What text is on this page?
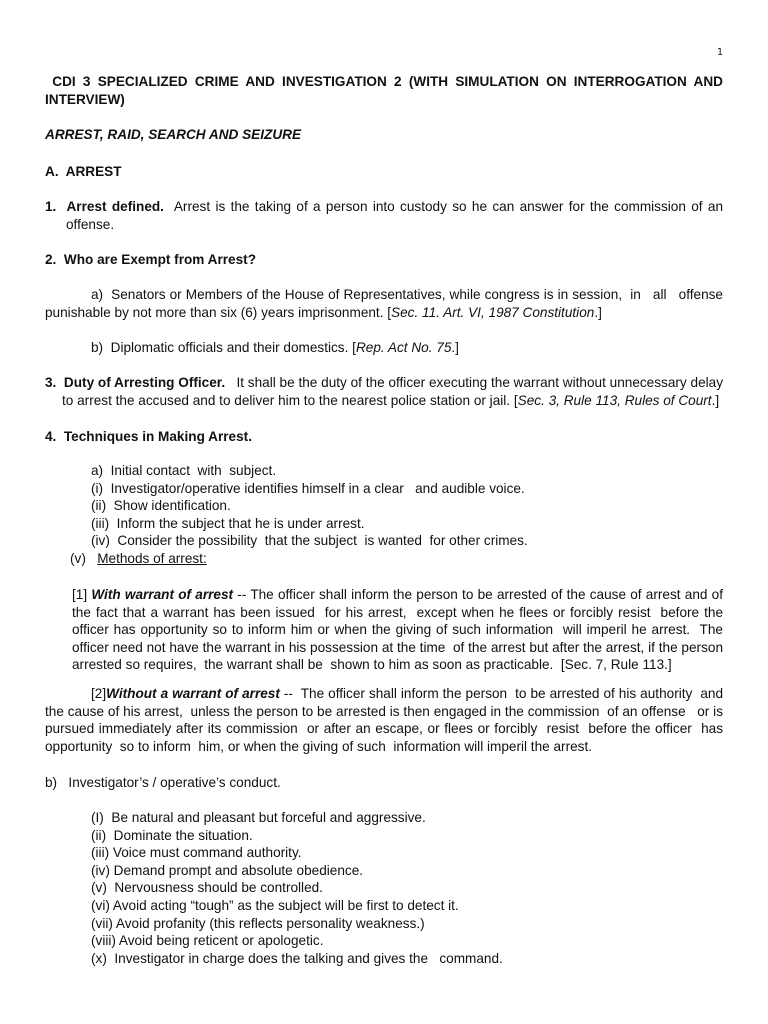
1

CDI 3 SPECIALIZED CRIME AND INVESTIGATION 2 (WITH SIMULATION ON INTERROGATION AND INTERVIEW)

ARREST, RAID, SEARCH AND SEIZURE

A.  ARREST

1.  Arrest defined.  Arrest is the taking of a person into custody so he can answer for the commission of an offense.

2.  Who are Exempt from Arrest?

a)  Senators or Members of the House of Representatives, while congress is in session,  in   all   offense punishable by not more than six (6) years imprisonment. [Sec. 11. Art. VI, 1987 Constitution.]

b)  Diplomatic officials and their domestics. [Rep. Act No. 75.]

3.  Duty of Arresting Officer.   It shall be the duty of the officer executing the warrant without unnecessary delay to arrest the accused and to deliver him to the nearest police station or jail. [Sec. 3, Rule 113, Rules of Court.]

4.  Techniques in Making Arrest.

a)  Initial contact  with  subject.
(i)  Investigator/operative identifies himself in a clear   and audible voice.
(ii)  Show identification.
(iii)  Inform the subject that he is under arrest.
(iv)  Consider the possibility  that the subject  is wanted  for other crimes.

(v)   Methods of arrest:

[1] With warrant of arrest -- The officer shall inform the person to be arrested of the cause of arrest and of the fact that a warrant has been issued  for his arrest,  except when he flees or forcibly resist  before the officer has opportunity so to inform him or when the giving of such information  will imperil he arrest.  The officer need not have the warrant in his possession at the time  of the arrest but after the arrest, if the person arrested so requires,  the warrant shall be  shown to him as soon as practicable.  [Sec. 7, Rule 113.]

[2]Without a warrant of arrest --  The officer shall inform the person  to be arrested of his authority  and the cause of his arrest,  unless the person to be arrested is then engaged in the commission  of an offense   or is pursued immediately after its commission  or after an escape, or flees or forcibly  resist  before the officer  has opportunity  so to inform  him, or when the giving of such  information will imperil the arrest.

b)   Investigator’s / operative’s conduct.

(I)  Be natural and pleasant but forceful and aggressive.
(ii)  Dominate the situation.
(iii) Voice must command authority.
(iv) Demand prompt and absolute obedience.
(v)  Nervousness should be controlled.
(vi) Avoid acting “tough” as the subject will be first to detect it.
(vii) Avoid profanity (this reflects personality weakness.)
(viii) Avoid being reticent or apologetic.
(x)  Investigator in charge does the talking and gives the   command.
